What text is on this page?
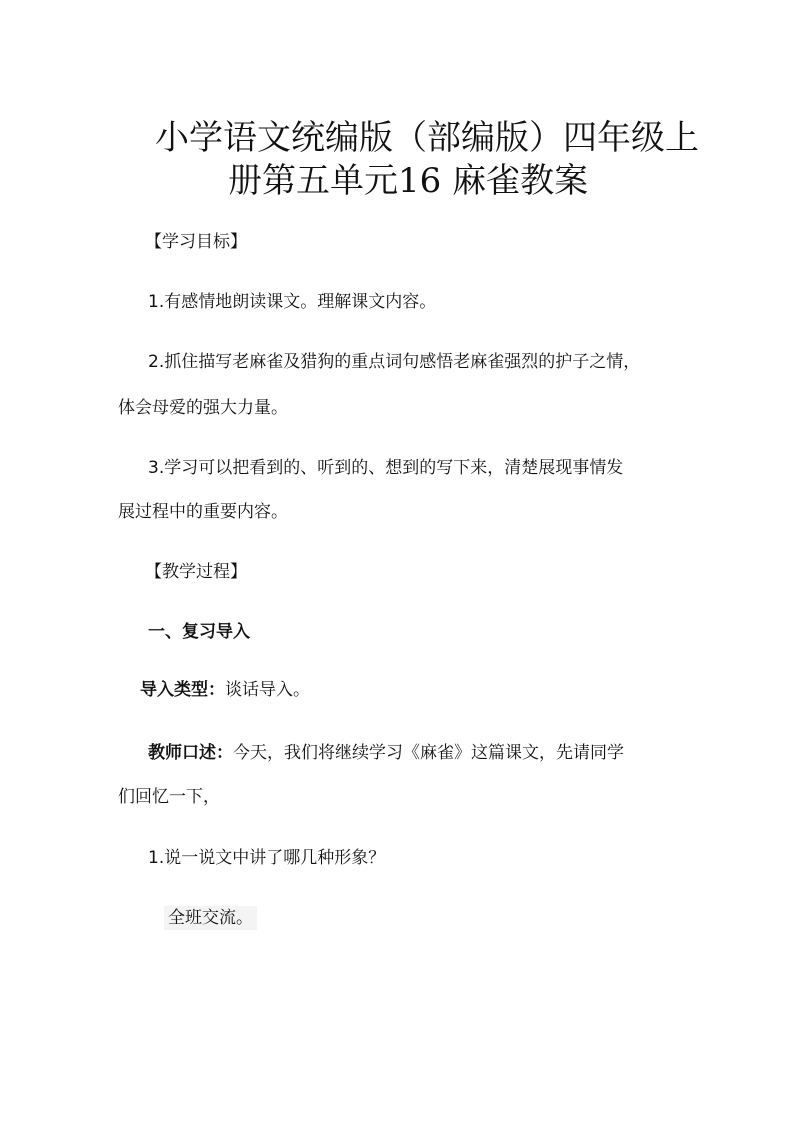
小学语文统编版（部编版）四年级上
册第五单元16 麻雀教案
【学习目标】
1.有感情地朗读课文。理解课文内容。
2.抓住描写老麻雀及猎狗的重点词句感悟老麻雀强烈的护子之情，
体会母爱的强大力量。
3.学习可以把看到的、听到的、想到的写下来，清楚展现事情发
展过程中的重要内容。
【教学过程】
一、复习导入
导入类型：谈话导入。
教师口述：今天，我们将继续学习《麻雀》这篇课文，先请同学
们回忆一下，
1.说一说文中讲了哪几种形象？
全班交流。
